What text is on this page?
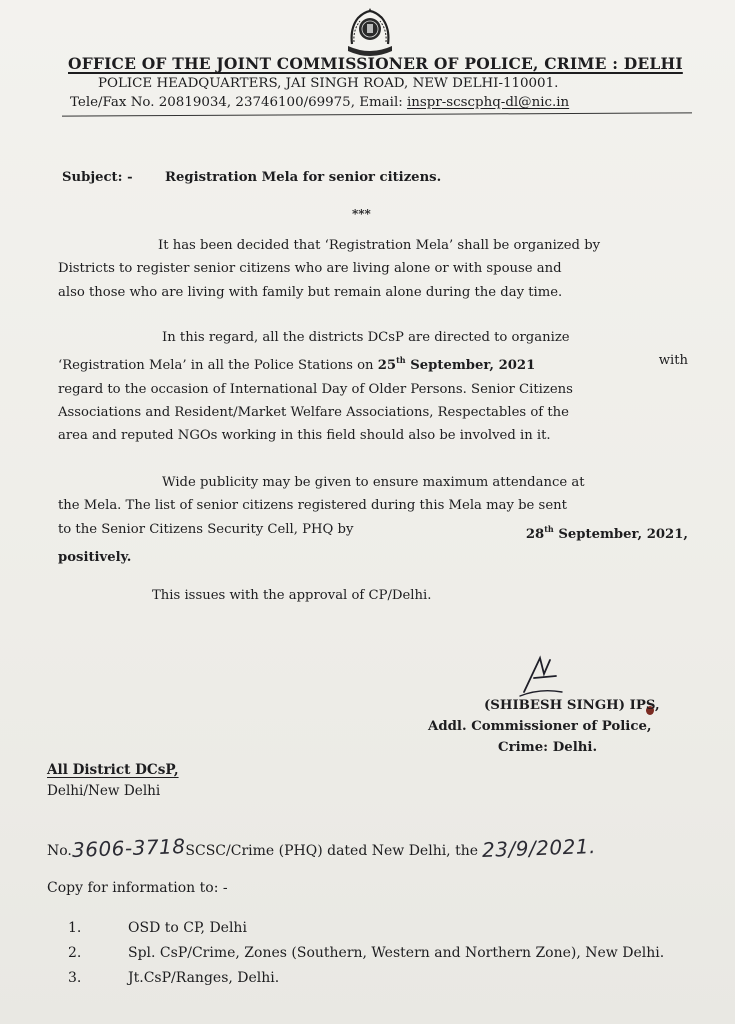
OFFICE OF THE JOINT COMMISSIONER OF POLICE, CRIME : DELHI
POLICE HEADQUARTERS, JAI SINGH ROAD, NEW DELHI-110001.
Tele/Fax No. 20819034, 23746100/69975, Email: inspr-scscphq-dl@nic.in
Subject: - Registration Mela for senior citizens.
***
It has been decided that ‘Registration Mela’ shall be organized by
Districts to register senior citizens who are living alone or with spouse and
also those who are living with family but remain alone during the day time.
In this regard, all the districts DCsP are directed to organize
‘Registration Mela’ in all the Police Stations on 25th September, 2021	with
regard to the occasion of International Day of Older Persons. Senior Citizens
Associations and Resident/Market Welfare Associations, Respectables of the
area and reputed NGOs working in this field should also be involved in it.
Wide publicity may be given to ensure maximum attendance at
the Mela. The list of senior citizens registered during this Mela may be sent
to the Senior Citizens Security Cell, PHQ by	28th September, 2021,
positively.
This issues with the approval of CP/Delhi.
(SHIBESH SINGH) IPS,
Addl. Commissioner of Police,
Crime: Delhi.
All District DCsP,
Delhi/New Delhi
No.3606-3718SCSC/Crime (PHQ) dated New Delhi, the 23/9/2021.
Copy for information to: -
1.	OSD to CP, Delhi
2.	Spl. CsP/Crime, Zones (Southern, Western and Northern Zone), New Delhi.
3.	Jt.CsP/Ranges, Delhi.
